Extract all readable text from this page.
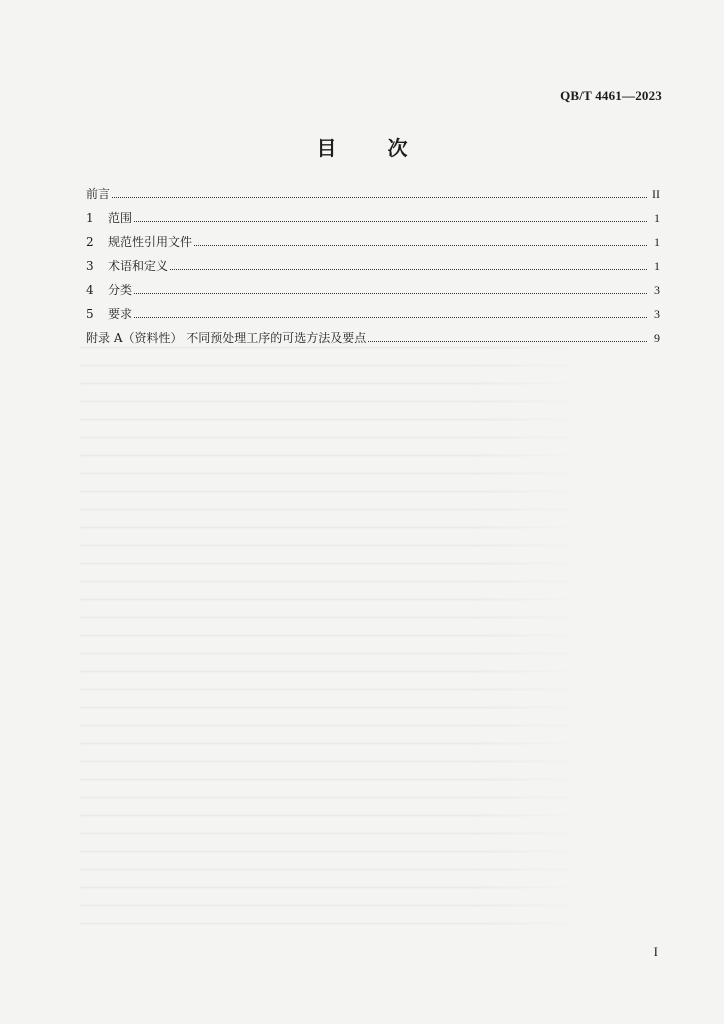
QB/T 4461—2023
目	次
前言	II
1	范围	1
2	规范性引用文件	1
3	术语和定义	1
4	分类	3
5	要求	3
附录 A（资料性） 不同预处理工序的可选方法及要点	9
I
